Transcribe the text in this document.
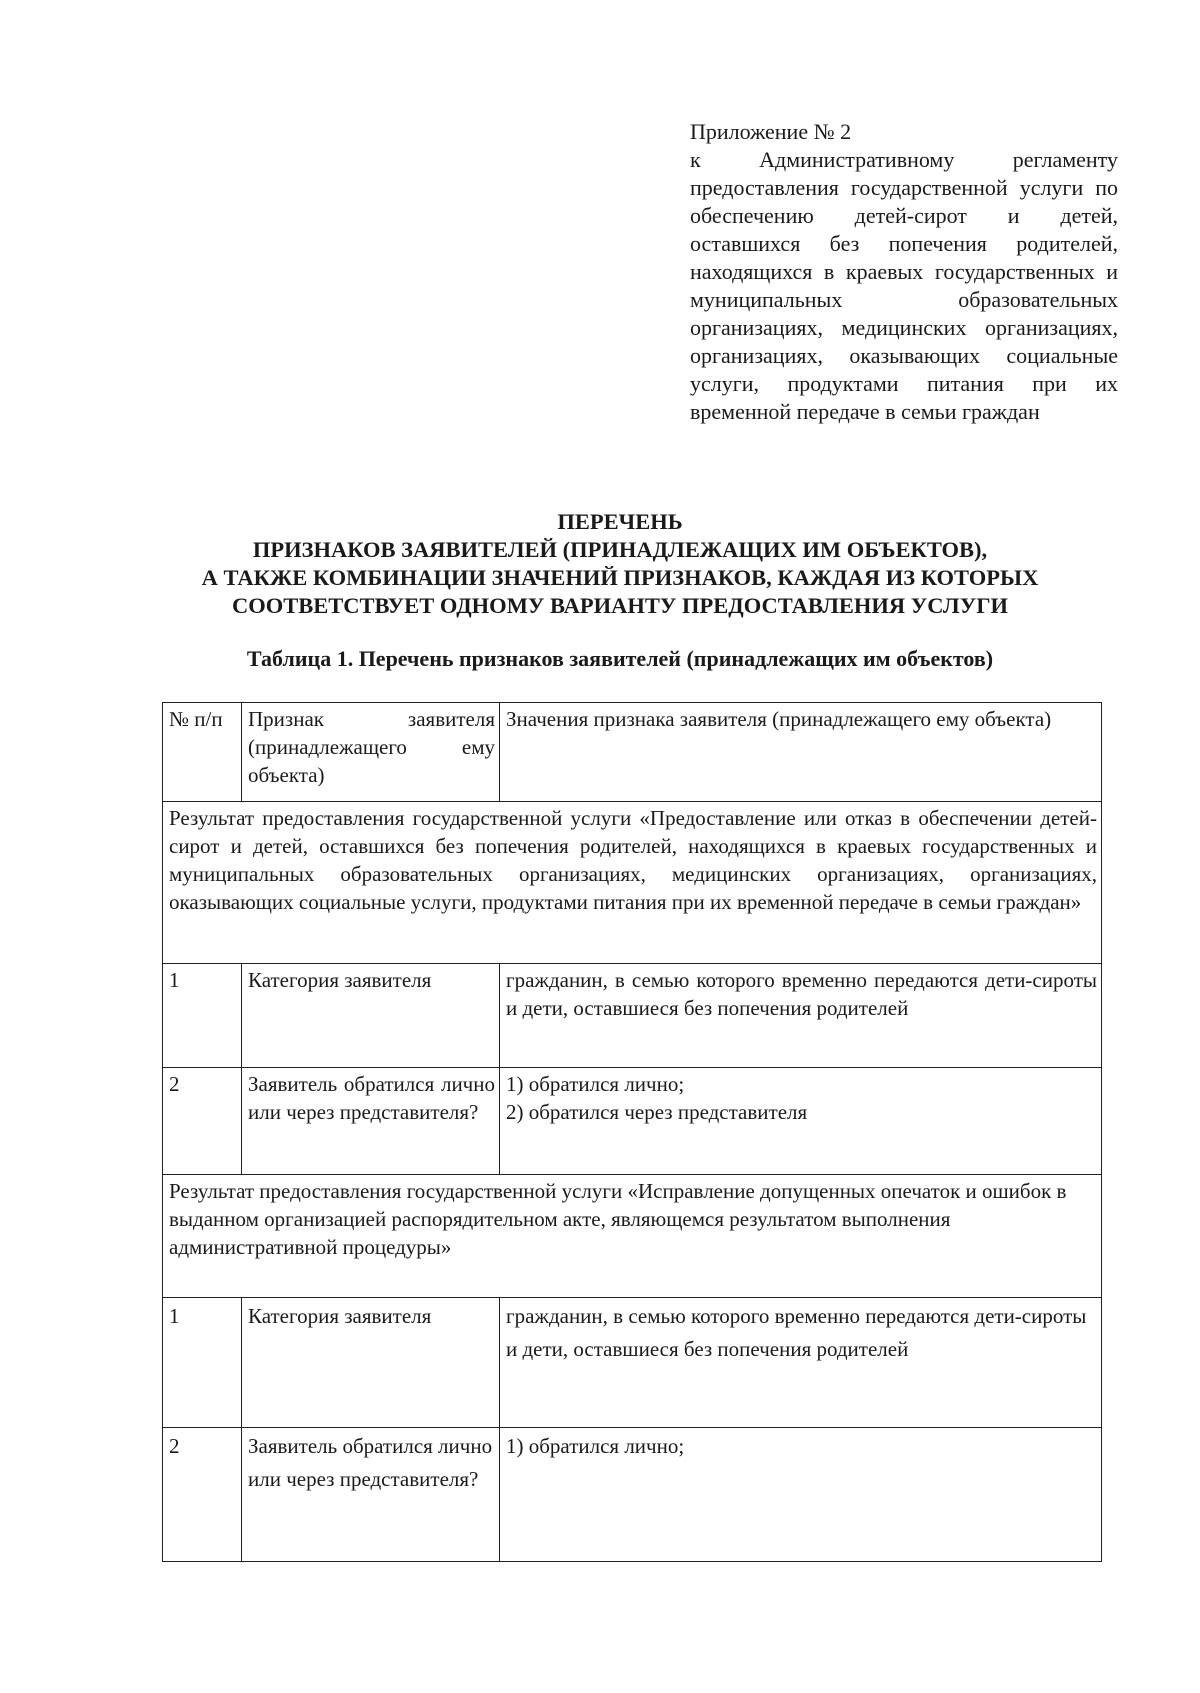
Приложение № 2
к Административному регламенту предоставления государственной услуги по обеспечению детей-сирот и детей, оставшихся без попечения родителей, находящихся в краевых государственных и муниципальных образовательных организациях, медицинских организациях, организациях, оказывающих социальные услуги, продуктами питания при их временной передаче в семьи граждан
ПЕРЕЧЕНЬ
ПРИЗНАКОВ ЗАЯВИТЕЛЕЙ (ПРИНАДЛЕЖАЩИХ ИМ ОБЪЕКТОВ),
А ТАКЖЕ КОМБИНАЦИИ ЗНАЧЕНИЙ ПРИЗНАКОВ, КАЖДАЯ ИЗ КОТОРЫХ
СООТВЕТСТВУЕТ ОДНОМУ ВАРИАНТУ ПРЕДОСТАВЛЕНИЯ УСЛУГИ
Таблица 1. Перечень признаков заявителей (принадлежащих им объектов)
№ п/п	Признак заявителя (принадлежащего ему объекта)	Значения признака заявителя (принадлежащего ему объекта)
Результат предоставления государственной услуги «Предоставление или отказ в обеспечении детей-сирот и детей, оставшихся без попечения родителей, находящихся в краевых государственных и муниципальных образовательных организациях, медицинских организациях, организациях, оказывающих социальные услуги, продуктами питания при их временной передаче в семьи граждан»		
1	Категория заявителя	гражданин, в семью которого временно передаются дети-сироты и дети, оставшиеся без попечения родителей
2	Заявитель обратился лично или через представителя?	1) обратился лично;
2) обратился через представителя

Результат предоставления государственной услуги «Исправление допущенных опечаток и ошибок в выданном организацией распорядительном акте, являющемся результатом выполнения административной процедуры»		
1	Категория заявителя	гражданин, в семью которого временно передаются дети-сироты и дети, оставшиеся без попечения родителей
2	Заявитель обратился лично или через представителя?	1) обратился лично;
